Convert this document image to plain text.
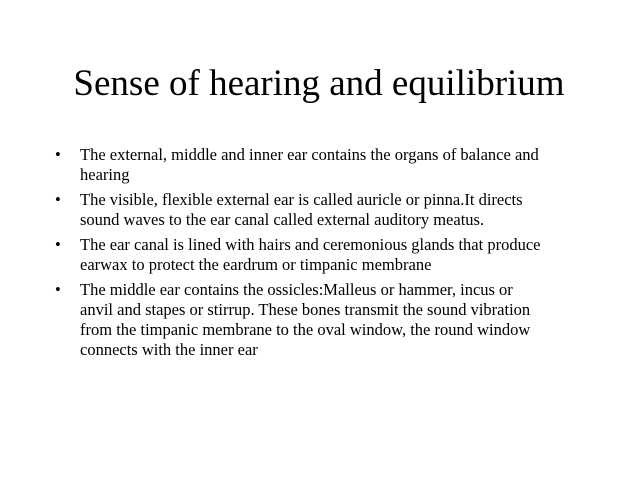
Sense of hearing and equilibrium
• The external, middle and inner ear contains the organs of balance and
hearing
• The visible, flexible external ear is called auricle or pinna.It directs
sound waves to the ear canal called external auditory meatus.
• The ear canal is lined with hairs and ceremonious glands that produce
earwax to protect the eardrum or timpanic membrane
• The middle ear contains the ossicles:Malleus or hammer, incus or
anvil and stapes or stirrup. These bones transmit the sound vibration
from the timpanic membrane to the oval window, the round window
connects with the inner ear
